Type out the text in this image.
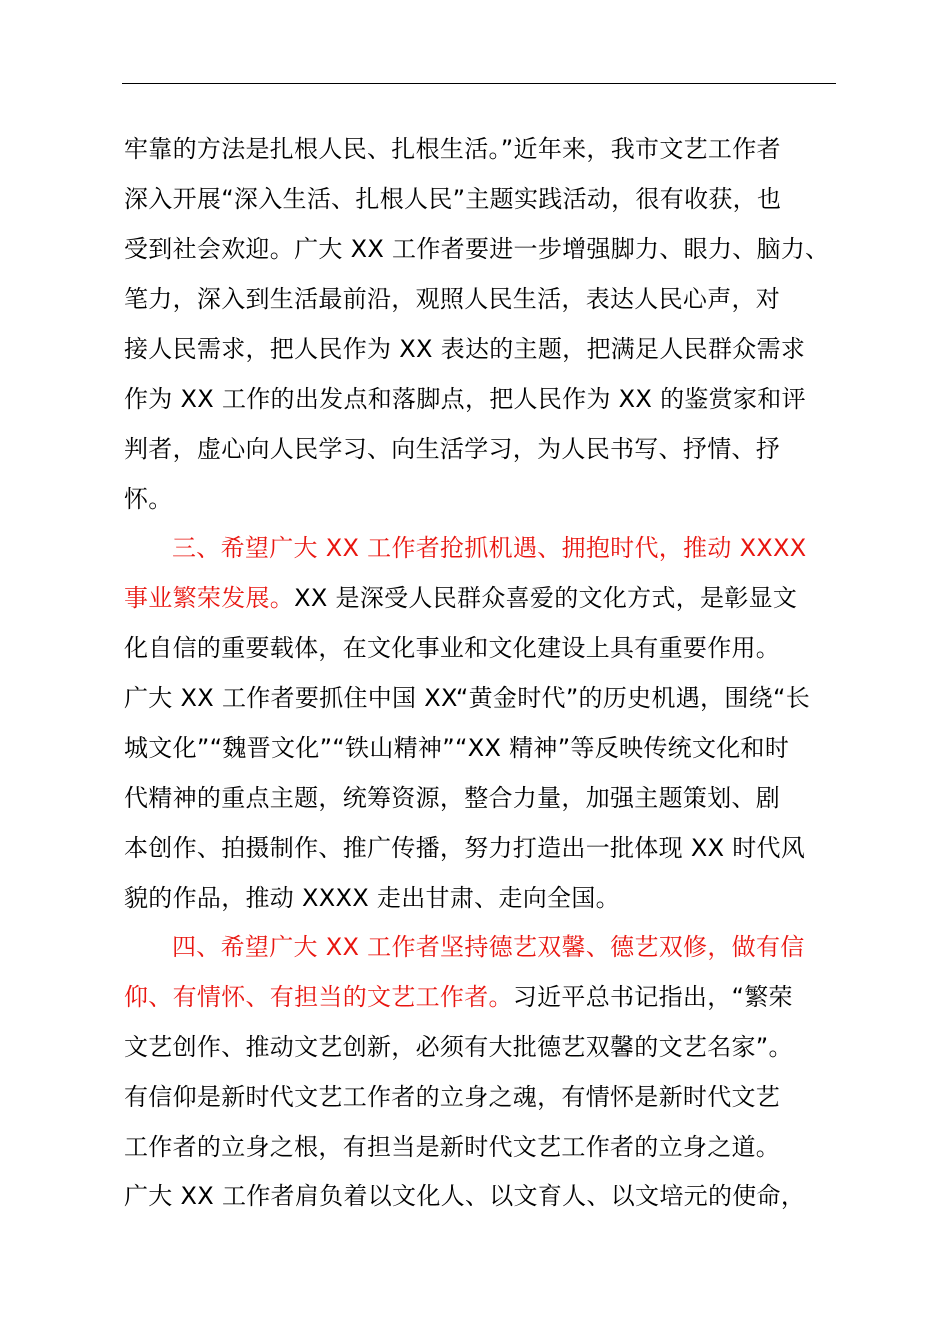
牢靠的方法是扎根人民、扎根生活。”近年来，我市文艺工作者
深入开展“深入生活、扎根人民”主题实践活动，很有收获，也
受到社会欢迎。广大 XX 工作者要进一步增强脚力、眼力、脑力、
笔力，深入到生活最前沿，观照人民生活，表达人民心声，对
接人民需求，把人民作为 XX 表达的主题，把满足人民群众需求
作为 XX 工作的出发点和落脚点，把人民作为 XX 的鉴赏家和评
判者，虚心向人民学习、向生活学习，为人民书写、抒情、抒
怀。
三、希望广大 XX 工作者抢抓机遇、拥抱时代，推动 XXXX
事业繁荣发展。XX 是深受人民群众喜爱的文化方式，是彰显文
化自信的重要载体，在文化事业和文化建设上具有重要作用。
广大 XX 工作者要抓住中国 XX“黄金时代”的历史机遇，围绕“长
城文化”“魏晋文化”“铁山精神”“XX 精神”等反映传统文化和时
代精神的重点主题，统筹资源，整合力量，加强主题策划、剧
本创作、拍摄制作、推广传播，努力打造出一批体现 XX 时代风
貌的作品，推动 XXXX 走出甘肃、走向全国。
四、希望广大 XX 工作者坚持德艺双馨、德艺双修，做有信
仰、有情怀、有担当的文艺工作者。习近平总书记指出，“繁荣
文艺创作、推动文艺创新，必须有大批德艺双馨的文艺名家”。
有信仰是新时代文艺工作者的立身之魂，有情怀是新时代文艺
工作者的立身之根，有担当是新时代文艺工作者的立身之道。
广大 XX 工作者肩负着以文化人、以文育人、以文培元的使命，
